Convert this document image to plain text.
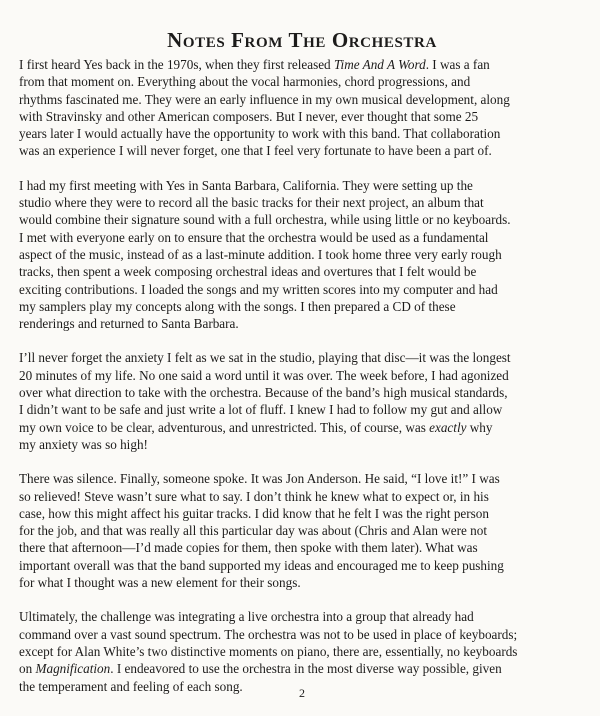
Notes From The Orchestra

I first heard Yes back in the 1970s, when they first released Time And A Word. I was a fan
from that moment on. Everything about the vocal harmonies, chord progressions, and
rhythms fascinated me. They were an early influence in my own musical development, along
with Stravinsky and other American composers. But I never, ever thought that some 25
years later I would actually have the opportunity to work with this band. That collaboration
was an experience I will never forget, one that I feel very fortunate to have been a part of.

I had my first meeting with Yes in Santa Barbara, California. They were setting up the
studio where they were to record all the basic tracks for their next project, an album that
would combine their signature sound with a full orchestra, while using little or no keyboards.
I met with everyone early on to ensure that the orchestra would be used as a fundamental
aspect of the music, instead of as a last-minute addition. I took home three very early rough
tracks, then spent a week composing orchestral ideas and overtures that I felt would be
exciting contributions. I loaded the songs and my written scores into my computer and had
my samplers play my concepts along with the songs. I then prepared a CD of these
renderings and returned to Santa Barbara.

I’ll never forget the anxiety I felt as we sat in the studio, playing that disc—it was the longest
20 minutes of my life. No one said a word until it was over. The week before, I had agonized
over what direction to take with the orchestra. Because of the band’s high musical standards,
I didn’t want to be safe and just write a lot of fluff. I knew I had to follow my gut and allow
my own voice to be clear, adventurous, and unrestricted. This, of course, was exactly why
my anxiety was so high!

There was silence. Finally, someone spoke. It was Jon Anderson. He said, “I love it!” I was
so relieved! Steve wasn’t sure what to say. I don’t think he knew what to expect or, in his
case, how this might affect his guitar tracks. I did know that he felt I was the right person
for the job, and that was really all this particular day was about (Chris and Alan were not
there that afternoon—I’d made copies for them, then spoke with them later). What was
important overall was that the band supported my ideas and encouraged me to keep pushing
for what I thought was a new element for their songs.

Ultimately, the challenge was integrating a live orchestra into a group that already had
command over a vast sound spectrum. The orchestra was not to be used in place of keyboards;
except for Alan White’s two distinctive moments on piano, there are, essentially, no keyboards
on Magnification. I endeavored to use the orchestra in the most diverse way possible, given
the temperament and feeling of each song.	2
